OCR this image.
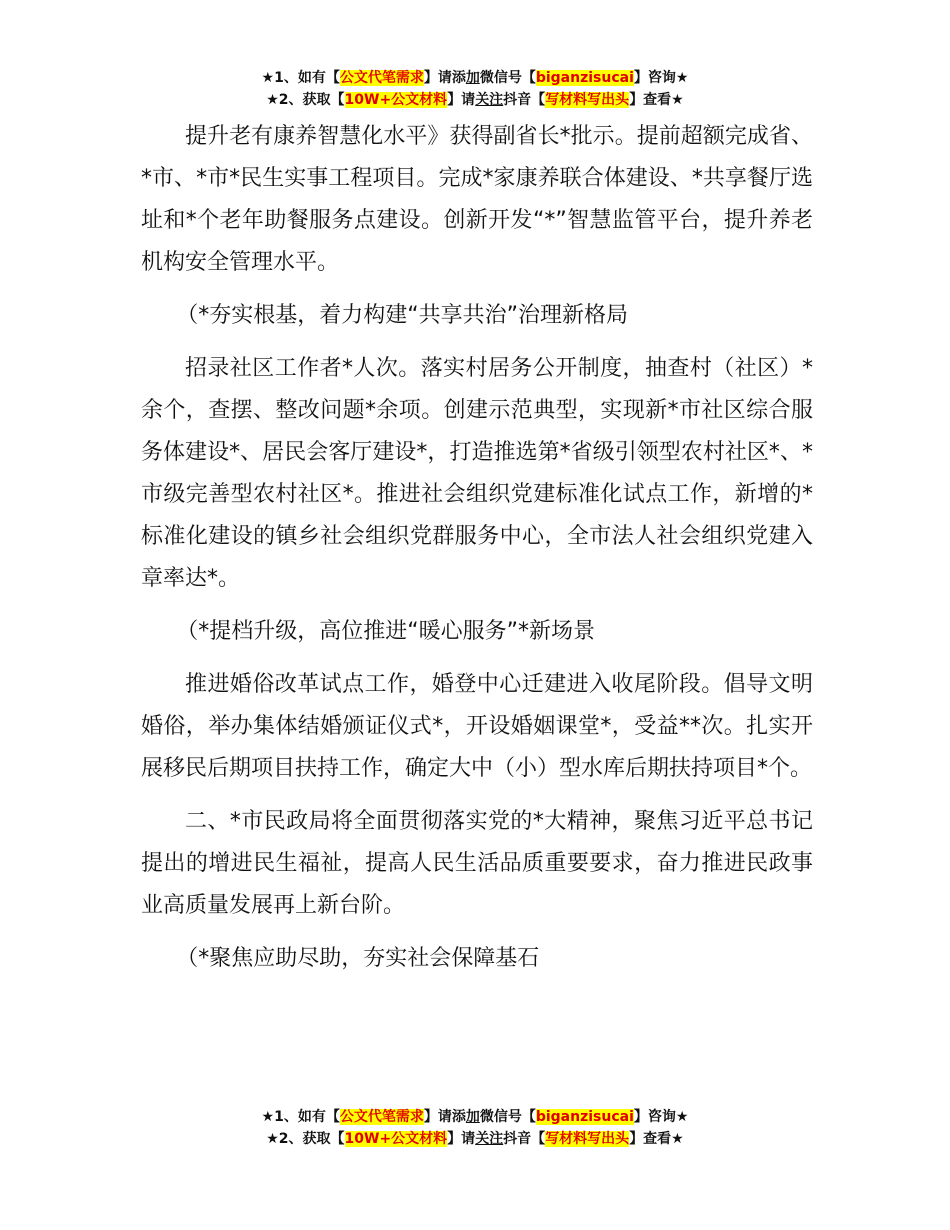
★1、如有【公文代笔需求】请添加微信号【biganzisucai】咨询★
★2、获取【10W+公文材料】请关注抖音【写材料写出头】查看★

提升老有康养智慧化水平》获得副省长*批示。提前超额完成省、*市、*市*民生实事工程项目。完成*家康养联合体建设、*共享餐厅选址和*个老年助餐服务点建设。创新开发“*”智慧监管平台，提升养老机构安全管理水平。

（*夯实根基，着力构建“共享共治”治理新格局

招录社区工作者*人次。落实村居务公开制度，抽查村（社区）*余个，查摆、整改问题*余项。创建示范典型，实现新*市社区综合服务体建设*、居民会客厅建设*，打造推选第*省级引领型农村社区*、*市级完善型农村社区*。推进社会组织党建标准化试点工作，新增的*标准化建设的镇乡社会组织党群服务中心，全市法人社会组织党建入章率达*。

（*提档升级，高位推进“暖心服务”*新场景

推进婚俗改革试点工作，婚登中心迁建进入收尾阶段。倡导文明婚俗，举办集体结婚颁证仪式*，开设婚姻课堂*，受益**次。扎实开展移民后期项目扶持工作，确定大中（小）型水库后期扶持项目*个。

二、*市民政局将全面贯彻落实党的*大精神，聚焦习近平总书记提出的增进民生福祉，提高人民生活品质重要要求，奋力推进民政事业高质量发展再上新台阶。

（*聚焦应助尽助，夯实社会保障基石

★1、如有【公文代笔需求】请添加微信号【biganzisucai】咨询★
★2、获取【10W+公文材料】请关注抖音【写材料写出头】查看★
